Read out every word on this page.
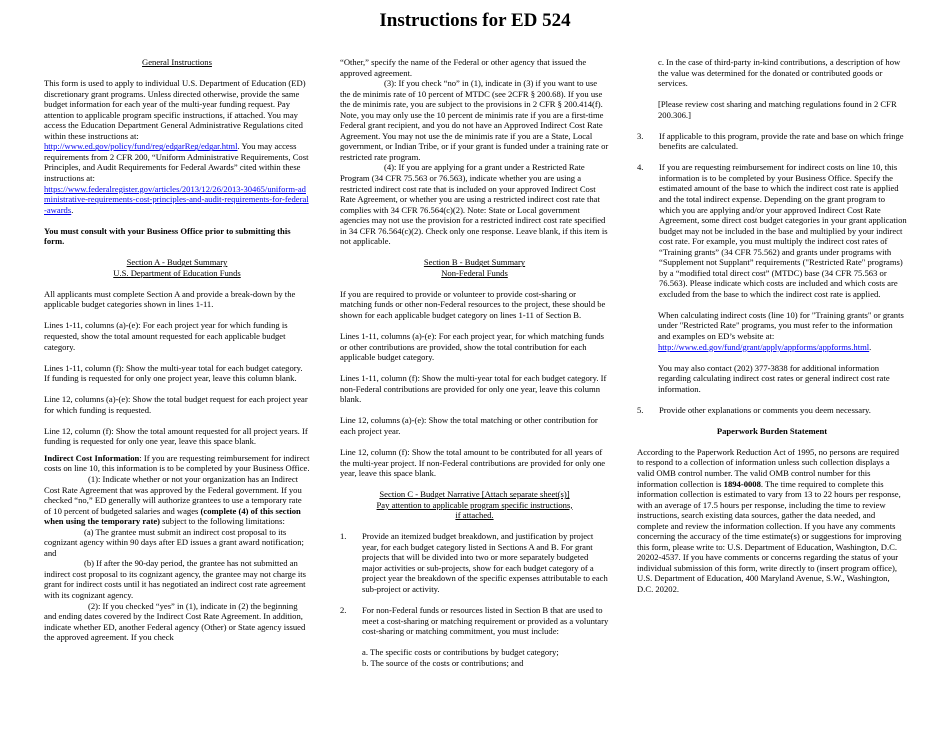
Instructions for ED 524

General Instructions

This form is used to apply to individual U.S. Department of Education (ED) discretionary grant programs. Unless directed otherwise, provide the same budget information for each year of the multi-year funding request. Pay attention to applicable program specific instructions, if attached. You may access the Education Department General Administrative Regulations cited within these instructions at: http://www.ed.gov/policy/fund/reg/edgarReg/edgar.html. You may access requirements from 2 CFR 200, “Uniform Administrative Requirements, Cost Principles, and Audit Requirements for Federal Awards” cited within these instructions at:
https://www.federalregister.gov/articles/2013/12/26/2013-30465/uniform-administrative-requirements-cost-principles-and-audit-requirements-for-federal-awards.

You must consult with your Business Office prior to submitting this form.

Section A - Budget Summary

U.S. Department of Education Funds

All applicants must complete Section A and provide a break-down by the applicable budget categories shown in lines 1-11.

Lines 1-11, columns (a)-(e): For each project year for which funding is requested, show the total amount requested for each applicable budget category.

Lines 1-11, column (f): Show the multi-year total for each budget category. If funding is requested for only one project year, leave this column blank.

Line 12, columns (a)-(e): Show the total budget request for each project year for which funding is requested.

Line 12, column (f): Show the total amount requested for all project years. If funding is requested for only one year, leave this space blank.

Indirect Cost Information: If you are requesting reimbursement for indirect costs on line 10, this information is to be completed by your Business Office.

(1): Indicate whether or not your organization has an Indirect Cost Rate Agreement that was approved by the Federal government. If you checked “no,” ED generally will authorize grantees to use a temporary rate of 10 percent of budgeted salaries and wages (complete (4) of this section when using the temporary rate) subject to the following limitations:

(a) The grantee must submit an indirect cost proposal to its cognizant agency within 90 days after ED issues a grant award notification; and

(b) If after the 90-day period, the grantee has not submitted an indirect cost proposal to its cognizant agency, the grantee may not charge its grant for indirect costs until it has negotiated an indirect cost rate agreement with its cognizant agency.

(2): If you checked “yes” in (1), indicate in (2) the beginning and ending dates covered by the Indirect Cost Rate Agreement. In addition, indicate whether ED, another Federal agency (Other) or State agency issued the approved agreement. If you check

“Other,” specify the name of the Federal or other agency that issued the approved agreement.

(3): If you check “no” in (1), indicate in (3) if you want to use the de minimis rate of 10 percent of MTDC (see 2CFR § 200.68). If you use the de minimis rate, you are subject to the provisions in 2 CFR § 200.414(f). Note, you may only use the 10 percent de minimis rate if you are a first-time Federal grant recipient, and you do not have an Approved Indirect Cost Rate Agreement. You may not use the de minimis rate if you are a State, Local government, or Indian Tribe, or if your grant is funded under a training rate or restricted rate program.

(4): If you are applying for a grant under a Restricted Rate Program (34 CFR 75.563 or 76.563), indicate whether you are using a restricted indirect cost rate that is included on your approved Indirect Cost Rate Agreement, or whether you are using a restricted indirect cost rate that complies with 34 CFR 76.564(c)(2). Note: State or Local government agencies may not use the provision for a restricted indirect cost rate specified in 34 CFR 76.564(c)(2). Check only one response. Leave blank, if this item is not applicable.

Section B - Budget Summary

Non-Federal Funds

If you are required to provide or volunteer to provide cost-sharing or matching funds or other non-Federal resources to the project, these should be shown for each applicable budget category on lines 1-11 of Section B.

Lines 1-11, columns (a)-(e): For each project year, for which matching funds or other contributions are provided, show the total contribution for each applicable budget category.

Lines 1-11, column (f): Show the multi-year total for each budget category. If non-Federal contributions are provided for only one year, leave this column blank.

Line 12, columns (a)-(e): Show the total matching or other contribution for each project year.

Line 12, column (f): Show the total amount to be contributed for all years of the multi-year project. If non-Federal contributions are provided for only one year, leave this space blank.

Section C - Budget Narrative [Attach separate sheet(s)]

Pay attention to applicable program specific instructions,

if attached.

1.	Provide an itemized budget breakdown, and justification by project year, for each budget category listed in Sections A and B. For grant projects that will be divided into two or more separately budgeted major activities or sub-projects, show for each budget category of a project year the breakdown of the specific expenses attributable to each sub-project or activity.
2.	For non-Federal funds or resources listed in Section B that are used to meet a cost-sharing or matching requirement or provided as a voluntary cost-sharing or matching commitment, you must include:

a. The specific costs or contributions by budget category;

b. The source of the costs or contributions; and

c. In the case of third-party in-kind contributions, a description of how the value was determined for the donated or contributed goods or services.

[Please review cost sharing and matching regulations found in 2 CFR 200.306.]

3.	If applicable to this program, provide the rate and base on which fringe benefits are calculated.
4.	If you are requesting reimbursement for indirect costs on line 10, this information is to be completed by your Business Office. Specify the estimated amount of the base to which the indirect cost rate is applied and the total indirect expense. Depending on the grant program to which you are applying and/or your approved Indirect Cost Rate Agreement, some direct cost budget categories in your grant application budget may not be included in the base and multiplied by your indirect cost rate. For example, you must multiply the indirect cost rates of “Training grants” (34 CFR 75.562) and grants under programs with “Supplement not Supplant” requirements ("Restricted Rate" programs) by a “modified total direct cost” (MTDC) base (34 CFR 75.563 or 76.563). Please indicate which costs are included and which costs are excluded from the base to which the indirect cost rate is applied.

When calculating indirect costs (line 10) for "Training grants" or grants under "Restricted Rate" programs, you must refer to the information and examples on ED’s website at: http://www.ed.gov/fund/grant/apply/appforms/appforms.html.

You may also contact (202) 377-3838 for additional information regarding calculating indirect cost rates or general indirect cost rate information.

5.	Provide other explanations or comments you deem necessary.

Paperwork Burden Statement

According to the Paperwork Reduction Act of 1995, no persons are required to respond to a collection of information unless such collection displays a valid OMB control number. The valid OMB control number for this information collection is 1894-0008. The time required to complete this information collection is estimated to vary from 13 to 22 hours per response, with an average of 17.5 hours per response, including the time to review instructions, search existing data sources, gather the data needed, and complete and review the information collection. If you have any comments concerning the accuracy of the time estimate(s) or suggestions for improving this form, please write to: U.S. Department of Education, Washington, D.C. 20202-4537. If you have comments or concerns regarding the status of your individual submission of this form, write directly to (insert program office), U.S. Department of Education, 400 Maryland Avenue, S.W., Washington, D.C. 20202.
